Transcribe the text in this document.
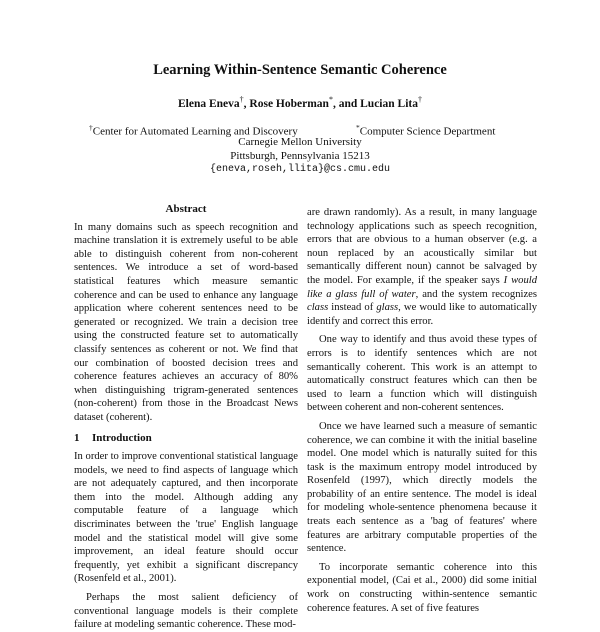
Learning Within-Sentence Semantic Coherence
Elena Eneva†, Rose Hoberman*, and Lucian Lita†
†Center for Automated Learning and Discovery	*Computer Science Department
Carnegie Mellon University
Pittsburgh, Pennsylvania 15213
{eneva,roseh,llita}@cs.cmu.edu
Abstract

In many domains such as speech recognition and machine translation it is extremely useful to be able able to distinguish coherent from non-coherent sentences. We introduce a set of word-based statistical features which measure semantic coherence and can be used to enhance any language application where coherent sentences need to be generated or recognized. We train a decision tree using the constructed feature set to automatically classify sentences as coherent or not. We find that our combination of boosted decision trees and coherence features achieves an accuracy of 80% when distinguishing trigram-generated sentences (non-coherent) from those in the Broadcast News dataset (coherent).

1 Introduction

In order to improve conventional statistical language models, we need to find aspects of language which are not adequately captured, and then incorporate them into the model. Although adding any computable feature of a language which discriminates between the 'true' English language model and the statistical model will give some improvement, an ideal feature should occur frequently, yet exhibit a significant discrepancy (Rosenfeld et al., 2001).

Perhaps the most salient deficiency of conventional language models is their complete failure at modeling semantic coherence. These mod-

are drawn randomly). As a result, in many language technology applications such as speech recognition, errors that are obvious to a human observer (e.g. a noun replaced by an acoustically similar but semantically different noun) cannot be salvaged by the model. For example, if the speaker says I would like a glass full of water, and the system recognizes class instead of glass, we would like to automatically identify and correct this error.

One way to identify and thus avoid these types of errors is to identify sentences which are not semantically coherent. This work is an attempt to automatically construct features which can then be used to learn a function which will distinguish between coherent and non-coherent sentences.

Once we have learned such a measure of semantic coherence, we can combine it with the initial baseline model. One model which is naturally suited for this task is the maximum entropy model introduced by Rosenfeld (1997), which directly models the probability of an entire sentence. The model is ideal for modeling whole-sentence phenomena because it treats each sentence as a 'bag of features' where features are arbitrary computable properties of the sentence.

To incorporate semantic coherence into this exponential model, (Cai et al., 2000) did some initial work on constructing within-sentence semantic coherence features. A set of five features
